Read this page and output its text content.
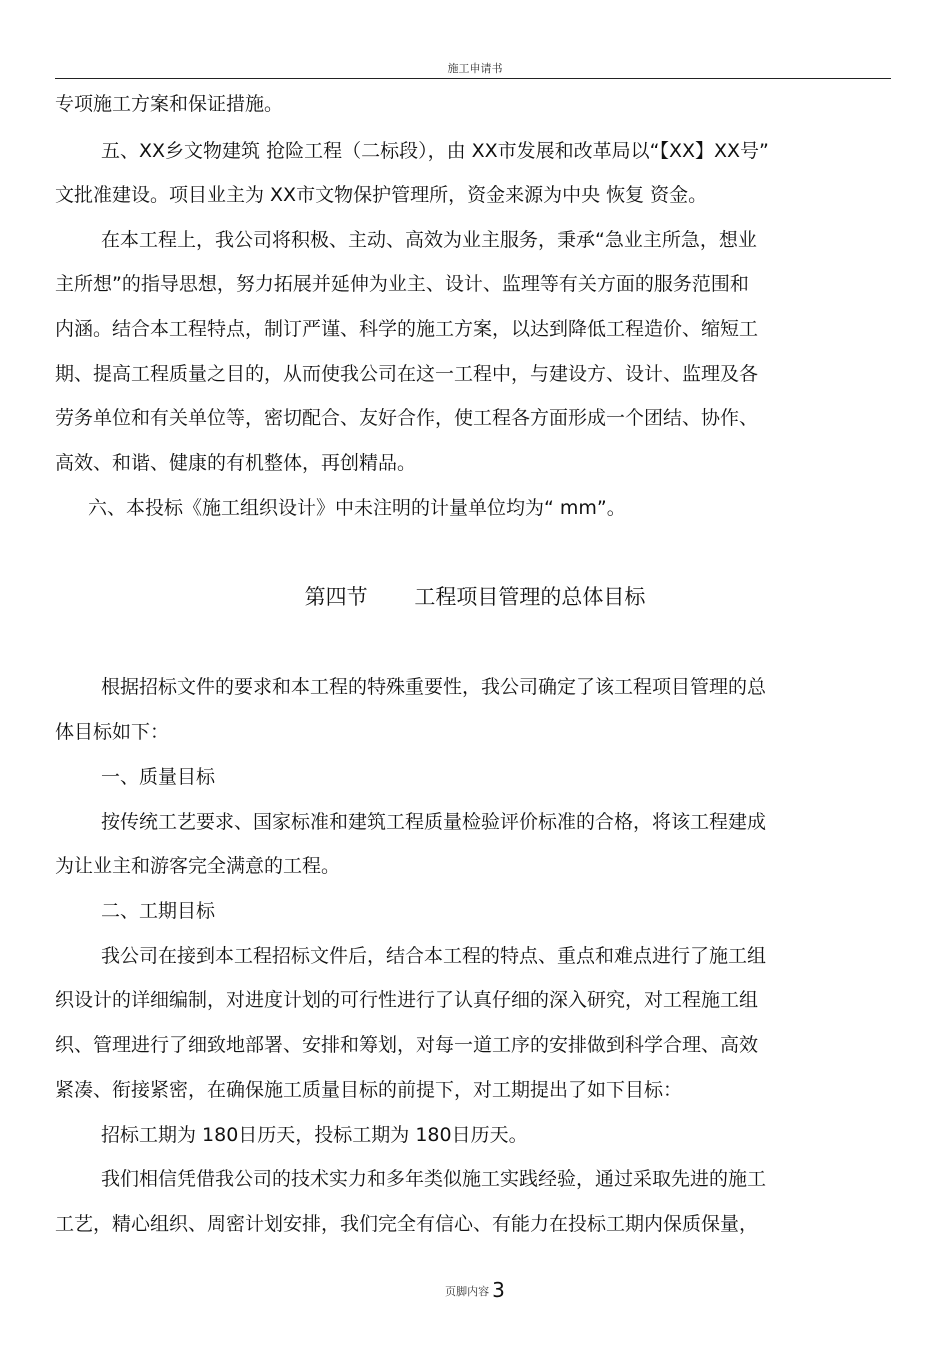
施工申请书
专项施工方案和保证措施。
五、XX乡文物建筑 抢险工程（二标段），由 XX市发展和改革局以“【XX】XX号”
文批准建设。项目业主为 XX市文物保护管理所，资金来源为中央 恢复 资金。
在本工程上，我公司将积极、主动、高效为业主服务，秉承“急业主所急，想业
主所想”的指导思想，努力拓展并延伸为业主、设计、监理等有关方面的服务范围和
内涵。结合本工程特点，制订严谨、科学的施工方案，以达到降低工程造价、缩短工
期、提高工程质量之目的，从而使我公司在这一工程中，与建设方、设计、监理及各
劳务单位和有关单位等，密切配合、友好合作，使工程各方面形成一个团结、协作、
高效、和谐、健康的有机整体，再创精品。
六、本投标《施工组织设计》中未注明的计量单位均为“ mm”。
第四节       工程项目管理的总体目标
根据招标文件的要求和本工程的特殊重要性，我公司确定了该工程项目管理的总
体目标如下：
一、质量目标
按传统工艺要求、国家标准和建筑工程质量检验评价标准的合格，将该工程建成
为让业主和游客完全满意的工程。
二、工期目标
我公司在接到本工程招标文件后，结合本工程的特点、重点和难点进行了施工组
织设计的详细编制，对进度计划的可行性进行了认真仔细的深入研究，对工程施工组
织、管理进行了细致地部署、安排和筹划，对每一道工序的安排做到科学合理、高效
紧凑、衔接紧密，在确保施工质量目标的前提下，对工期提出了如下目标：
招标工期为 180日历天，投标工期为 180日历天。
我们相信凭借我公司的技术实力和多年类似施工实践经验，通过采取先进的施工
工艺，精心组织、周密计划安排，我们完全有信心、有能力在投标工期内保质保量，
页脚内容 3
